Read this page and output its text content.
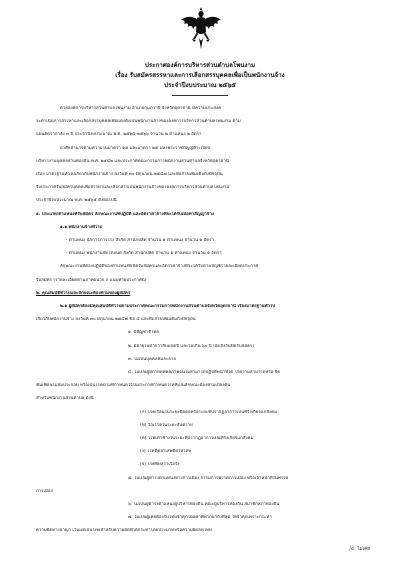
ประกาศองค์การบริหารส่วนตำบลโพนงาม
เรื่อง รับสมัครสรรหาและการเลือกสรรบุคคลเพื่อเป็นพนักงานจ้าง
ประจำปีงบประมาณ ๒๕๖๕
ด้วยองค์การบริหารส่วนตำบลโพนงาม อำเภอกุมภวาปี จังหวัดอุดรธานี มีความประสงค์
จะดำเนินการสรรหาและเลือกสรรบุคคลเพื่อแต่งตั้งเป็นพนักงานจ้างขององค์การบริหารส่วนตำบลโพนงาม ตาม
แผนอัตรากำลัง ๓ ปี ประจำปีงบประมาณ พ.ศ. ๒๕๖๔-๒๕๖๖ จำนวน ๒ ตำแหน่ง ๒ อัตรา
อาศัยอำนาจตามความในมาตรา ๑๕ และมาตรา ๒๕ แห่งพระราชบัญญัติระเบียบ
บริหารงานบุคคลส่วนท้องถิ่น พ.ศ. ๒๕๔๒ และประกาศคณะกรรมการพนักงานส่วนตำบลจังหวัดอุดรธานี
เรื่อง มาตรฐานทั่วไปเกี่ยวกับพนักงานจ้าง ลงวันที่ ๓๐ มิถุนายน ๒๕๔๗ และที่แก้ไขเพิ่มเติมถึงปัจจุบัน
จึงประกาศรับสมัครบุคคลเพื่อสรรหาและเลือกสรรเป็นพนักงานจ้างขององค์การบริหารส่วนตำบลโพนงาม
ประจำปีงบประมาณ พ.ศ. ๒๕๖๕ ดังต่อไปนี้
๑. ประเภท/ตำแหน่งที่รับสมัคร ลักษณะงานที่ปฏิบัติ และอัตราค่าจ้างที่จะได้รับเมื่อทำสัญญาจ้าง
๑.๑ พนักงานจ้างทั่วไป
- ตำแหน่ง นักการภารโรง สังกัด สำนักปลัด จำนวน ๑ ตำแหน่ง จำนวน ๑ อัตรา
- ตำแหน่ง พนักงานขับรถยนต์ สังกัด สำนักปลัด จำนวน ๑ ตำแหน่ง จำนวน ๑ อัตรา
ลักษณะงานที่ต้องปฏิบัติของตำแหน่งที่เปิดรับสมัครและอัตราค่าจ้างที่จะได้รับตามบัญชีรายละเอียดประกาศ
รับสมัคร (รายละเอียดตามภาคผนวก ก แนบท้ายประกาศนี้)
๒. คุณสมบัติทั่วไปและลักษณะต้องห้ามของผู้สมัคร
๒.๑ ผู้สมัครต้องมีคุณสมบัติทั่วไปตามประกาศคณะกรรมการพนักงานส่วนตำบลจังหวัดอุดรธานี เรื่องมาตรฐานทั่วไป
เกี่ยวกับพนักงานจ้าง ลงวันที่ ๓๐ มิถุนายน ๒๕๔๗ ข้อ ๔ และที่แก้ไขเพิ่มเติมถึงปัจจุบัน
๑. มีสัญชาติไทย
๒. มีอายุไม่ต่ำกว่าสิบแปดปี และไม่เกิน ๖๐ ปี (นับถึงวันปิดรับสมัคร)
๓. ไม่เป็นบุคคลล้มละลาย
๔. ไม่เป็นผู้มีกายทุพพลภาพจนไม่สามารถปฏิบัติหน้าที่ได้ ไร้ความสามารถหรือ จิต
ฟั่นเฟือนไม่สมประกอบ หรือเป็นโรคตามที่กำหนดไว้ในประกาศกำหนดโรคที่เป็นลักษณะต้องห้ามเบื้องต้น
สำหรับพนักงานส่วนตำบล ดังนี้
(ก) โรคเรื้อนในระยะติดต่อหรือระยะที่ปรากฏอาการเป็นที่รังเกียจแก่สังคม
(ข) วัณโรคในระยะอันตราย
(ค) โรคเท้าช้างในระยะที่ปรากฏอาการเป็นที่รังเกียจแก่สังคม
(ง) โรคติดยาเสพติดให้โทษ
(จ) โรคพิษสุราเรื้อรัง
๕. ไม่เป็นผู้ดำรงตำแหน่งทางการเมือง กรรมการพรรคการเมือง หรือเจ้าหน้าที่ในพรรค
การเมือง
๖. ไม่เป็นผู้ดำรงตำแหน่งผู้บริหารท้องถิ่น คณะผู้บริหารท้องถิ่น สมาชิกสภาท้องถิ่น
๗. ไม่เป็นผู้เคยต้องรับโทษจำคุกโดยคำพิพากษาถึงที่สุด ให้จำคุกเพราะกระทำ
ความผิดทางอาญา เว้นแต่เป็นโทษสำหรับความผิดที่ได้กระทำโดยประมาทหรือความผิดลหุโทษ
/๔. ไม่เคย
